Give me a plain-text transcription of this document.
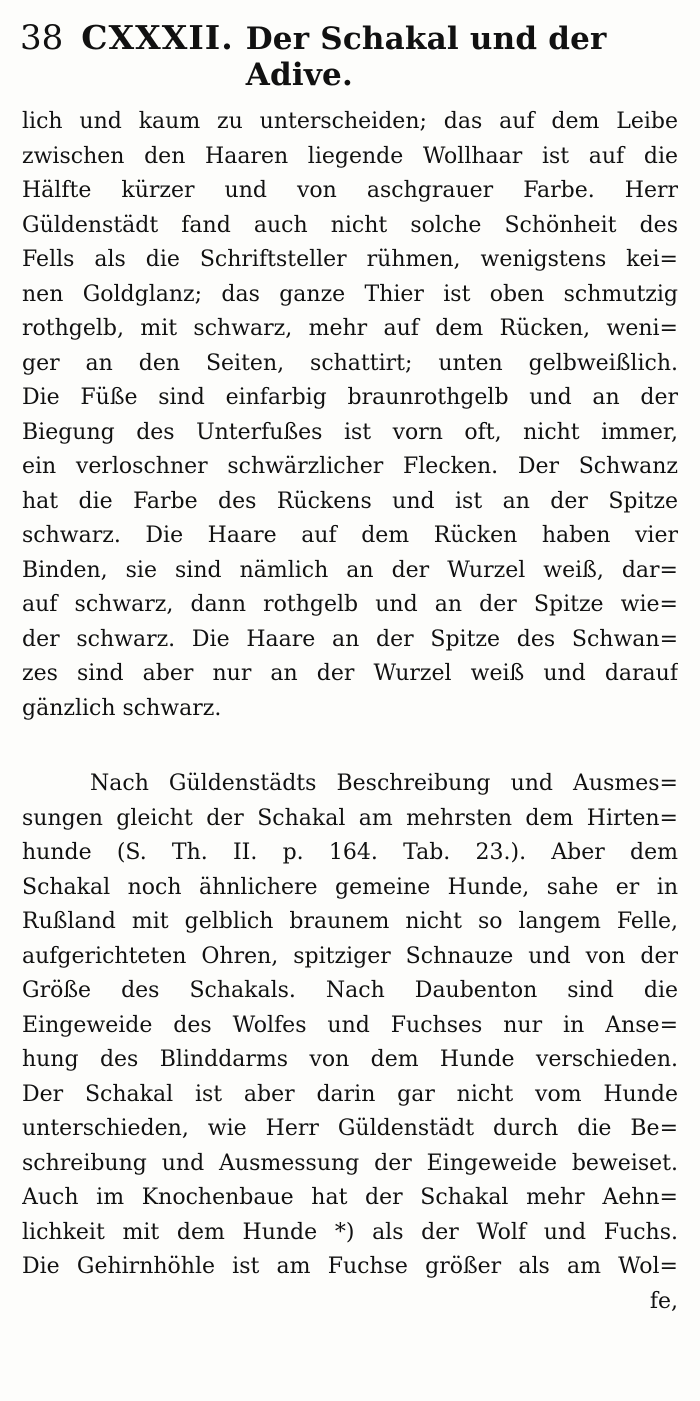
38 CXXXII. Der Schakal und der Adive.
lich und kaum zu unterscheiden; das auf dem Leibe
zwischen den Haaren liegende Wollhaar ist auf die
Hälfte kürzer und von aschgrauer Farbe. Herr
Güldenstädt fand auch nicht solche Schönheit des
Fells als die Schriftsteller rühmen, wenigstens kei=
nen Goldglanz; das ganze Thier ist oben schmutzig
rothgelb, mit schwarz, mehr auf dem Rücken, weni=
ger an den Seiten, schattirt; unten gelbweißlich.
Die Füße sind einfarbig braunrothgelb und an der
Biegung des Unterfußes ist vorn oft, nicht immer,
ein verloschner schwärzlicher Flecken. Der Schwanz
hat die Farbe des Rückens und ist an der Spitze
schwarz. Die Haare auf dem Rücken haben vier
Binden, sie sind nämlich an der Wurzel weiß, dar=
auf schwarz, dann rothgelb und an der Spitze wie=
der schwarz. Die Haare an der Spitze des Schwan=
zes sind aber nur an der Wurzel weiß und darauf
gänzlich schwarz.
Nach Güldenstädts Beschreibung und Ausmes=
sungen gleicht der Schakal am mehrsten dem Hirten=
hunde (S. Th. II. p. 164. Tab. 23.). Aber dem
Schakal noch ähnlichere gemeine Hunde, sahe er in
Rußland mit gelblich braunem nicht so langem Felle,
aufgerichteten Ohren, spitziger Schnauze und von der
Größe des Schakals. Nach Daubenton sind die
Eingeweide des Wolfes und Fuchses nur in Anse=
hung des Blinddarms von dem Hunde verschieden.
Der Schakal ist aber darin gar nicht vom Hunde
unterschieden, wie Herr Güldenstädt durch die Be=
schreibung und Ausmessung der Eingeweide beweiset.
Auch im Knochenbaue hat der Schakal mehr Aehn=
lichkeit mit dem Hunde *) als der Wolf und Fuchs.
Die Gehirnhöhle ist am Fuchse größer als am Wol=
fe,
